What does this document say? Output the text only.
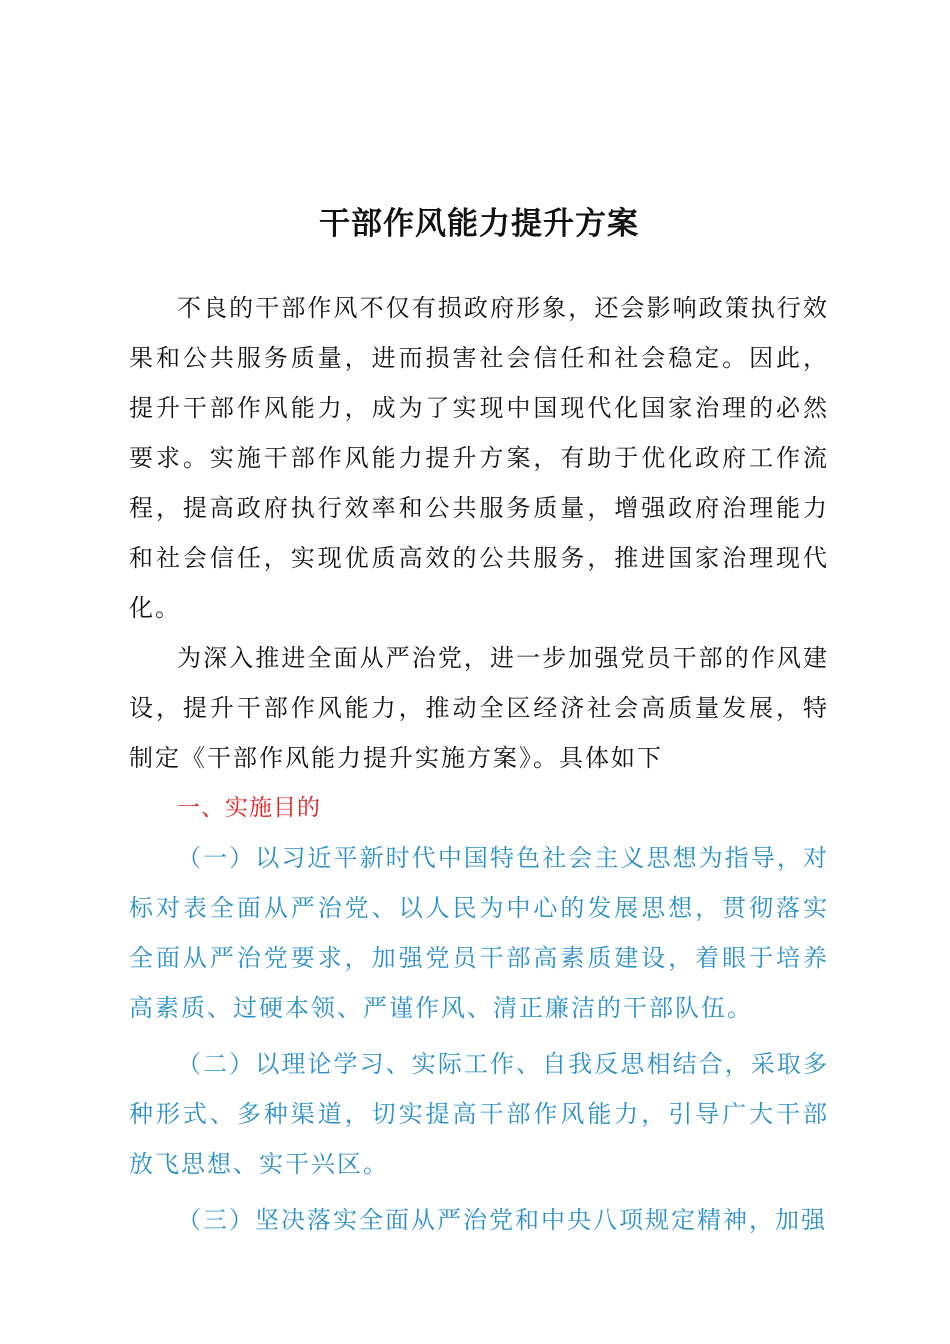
干部作风能力提升方案

不良的干部作风不仅有损政府形象，还会影响政策执行效果和公共服务质量，进而损害社会信任和社会稳定。因此，提升干部作风能力，成为了实现中国现代化国家治理的必然要求。实施干部作风能力提升方案，有助于优化政府工作流程，提高政府执行效率和公共服务质量，增强政府治理能力和社会信任，实现优质高效的公共服务，推进国家治理现代化。

为深入推进全面从严治党，进一步加强党员干部的作风建设，提升干部作风能力，推动全区经济社会高质量发展，特制定《干部作风能力提升实施方案》。具体如下

一、实施目的

（一）以习近平新时代中国特色社会主义思想为指导，对标对表全面从严治党、以人民为中心的发展思想，贯彻落实全面从严治党要求，加强党员干部高素质建设，着眼于培养高素质、过硬本领、严谨作风、清正廉洁的干部队伍。

（二）以理论学习、实际工作、自我反思相结合，采取多种形式、多种渠道，切实提高干部作风能力，引导广大干部放飞思想、实干兴区。

（三）坚决落实全面从严治党和中央八项规定精神，加强
